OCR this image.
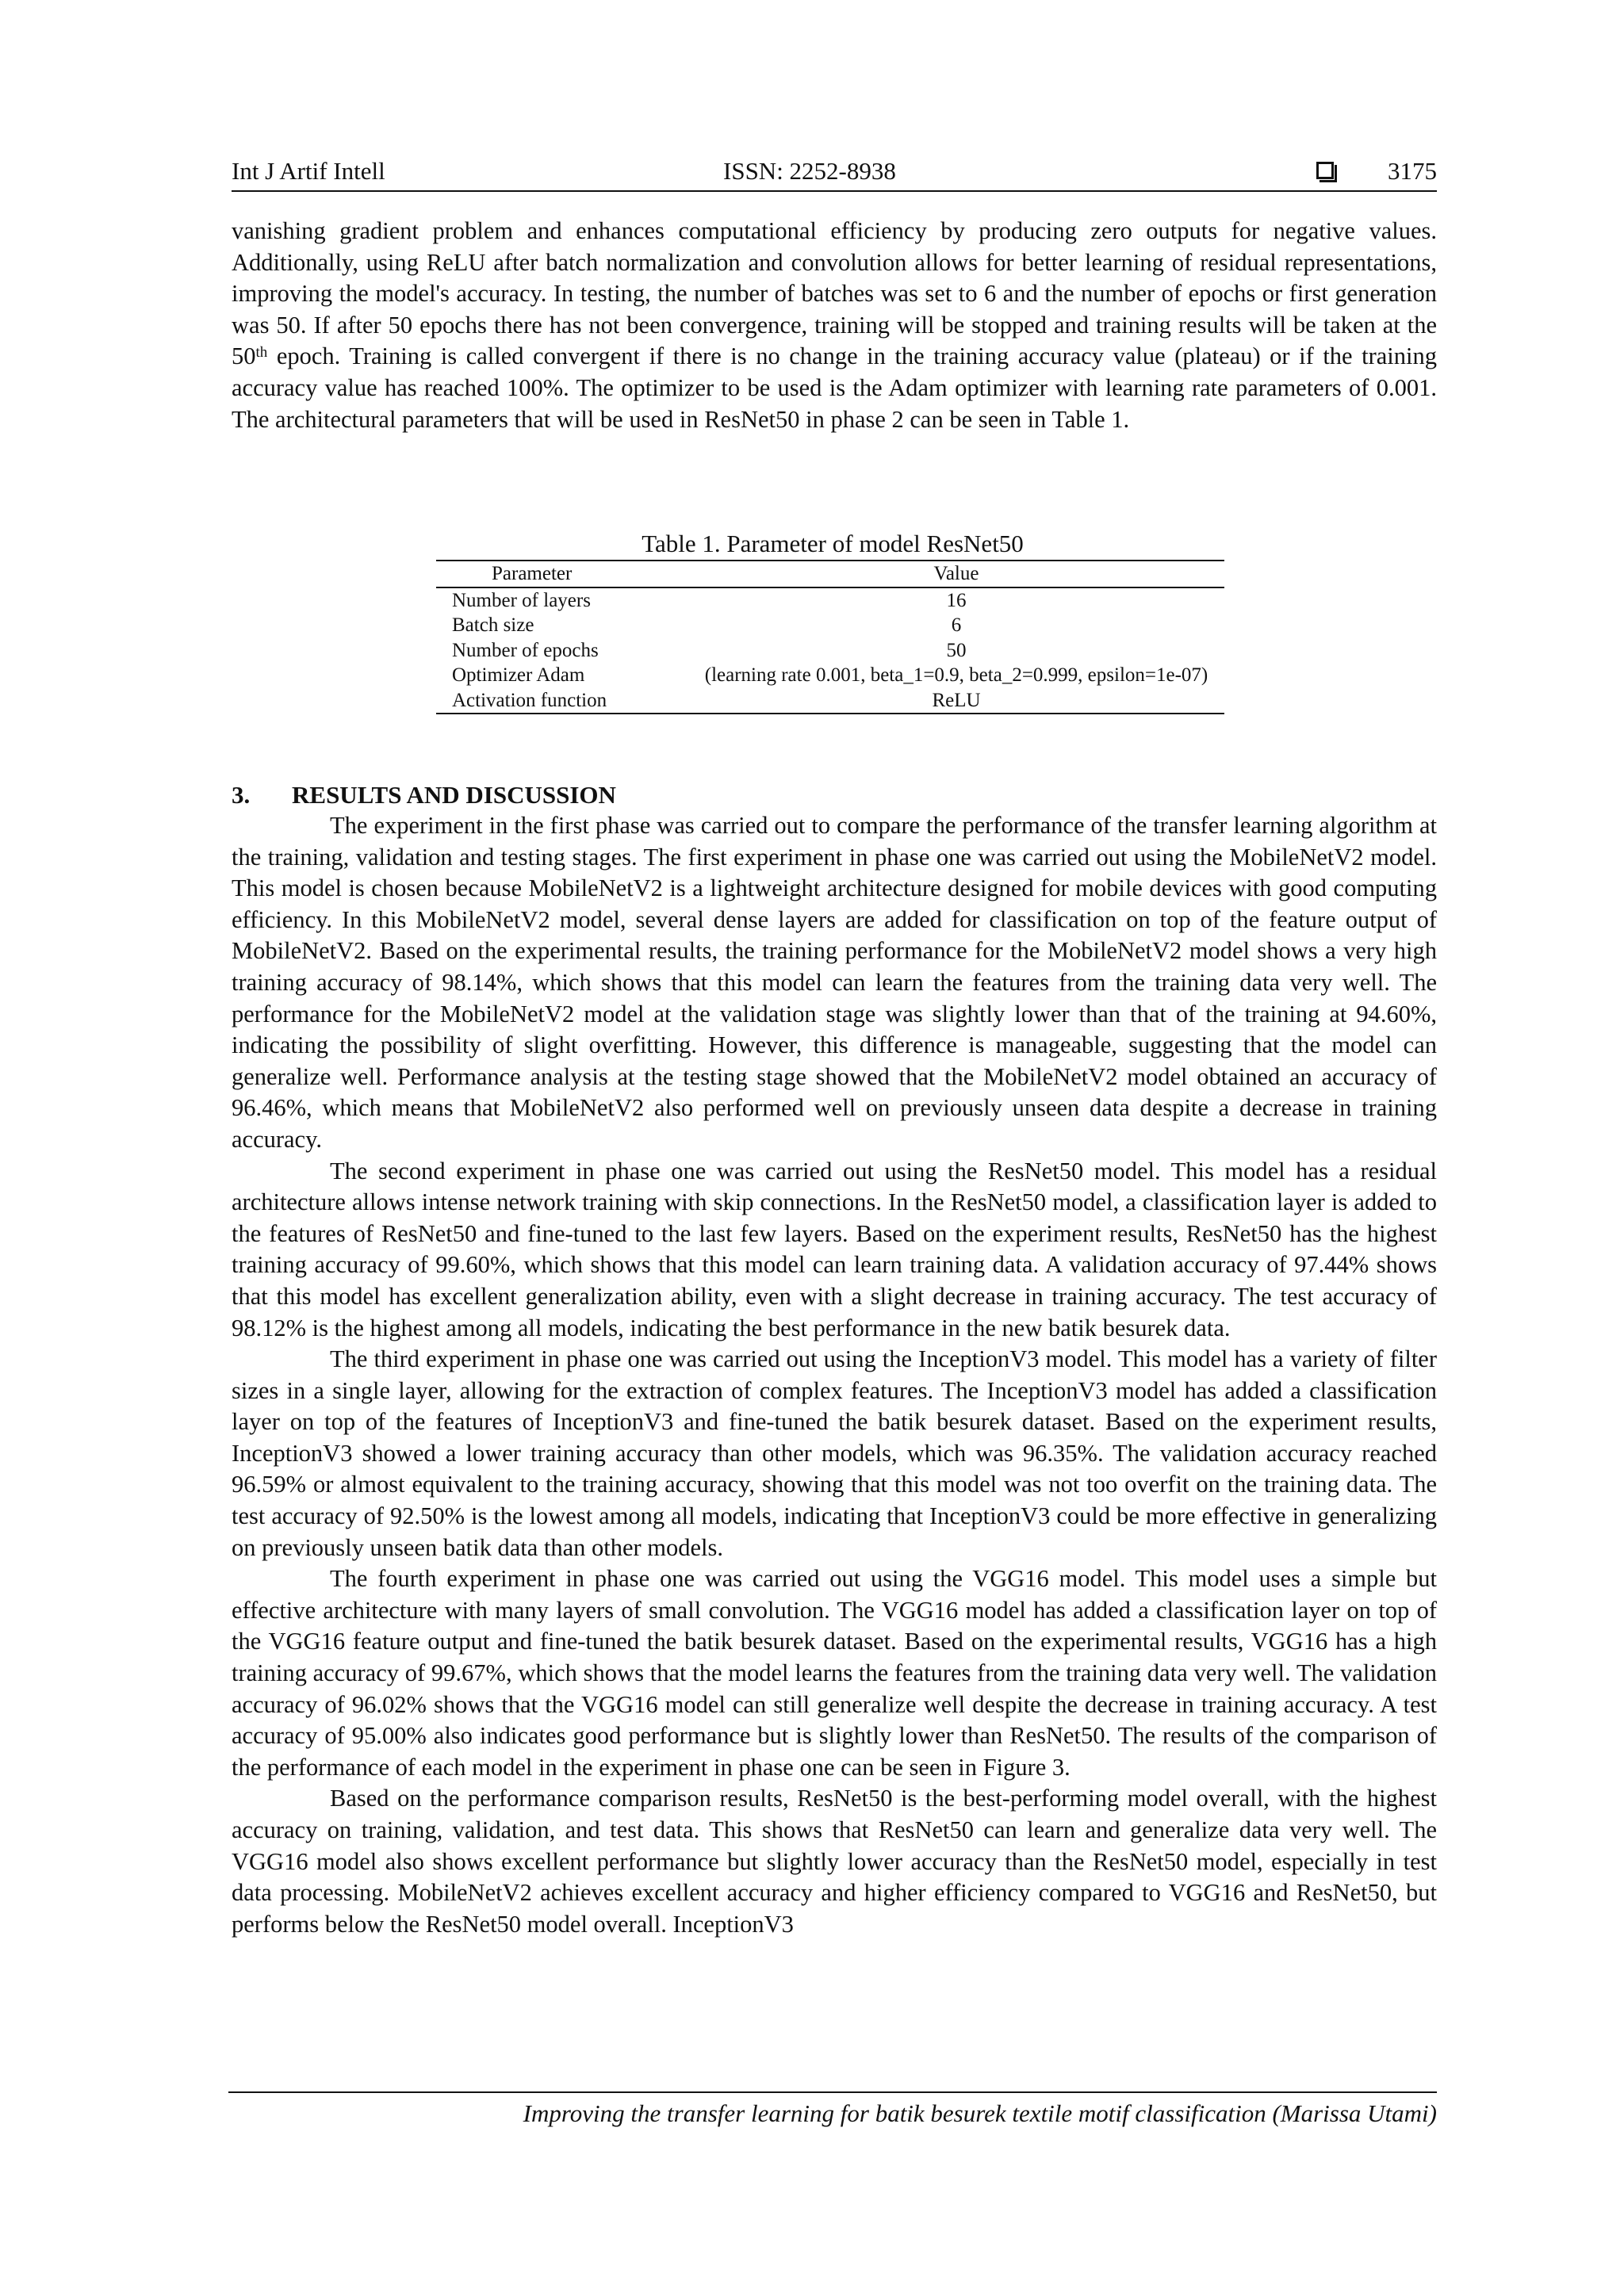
Int J Artif Intell	ISSN: 2252-8938	3175

vanishing gradient problem and enhances computational efficiency by producing zero outputs for negative values. Additionally, using ReLU after batch normalization and convolution allows for better learning of residual representations, improving the model's accuracy. In testing, the number of batches was set to 6 and the number of epochs or first generation was 50. If after 50 epochs there has not been convergence, training will be stopped and training results will be taken at the 50th epoch. Training is called convergent if there is no change in the training accuracy value (plateau) or if the training accuracy value has reached 100%. The optimizer to be used is the Adam optimizer with learning rate parameters of 0.001. The architectural parameters that will be used in ResNet50 in phase 2 can be seen in Table 1.

Table 1. Parameter of model ResNet50
Parameter	Value
Number of layers	16
Batch size	6
Number of epochs	50
Optimizer Adam	(learning rate 0.001, beta_1=0.9, beta_2=0.999, epsilon=1e-07)
Activation function	ReLU
3. RESULTS AND DISCUSSION

The experiment in the first phase was carried out to compare the performance of the transfer learning algorithm at the training, validation and testing stages. The first experiment in phase one was carried out using the MobileNetV2 model. This model is chosen because MobileNetV2 is a lightweight architecture designed for mobile devices with good computing efficiency. In this MobileNetV2 model, several dense layers are added for classification on top of the feature output of MobileNetV2. Based on the experimental results, the training performance for the MobileNetV2 model shows a very high training accuracy of 98.14%, which shows that this model can learn the features from the training data very well. The performance for the MobileNetV2 model at the validation stage was slightly lower than that of the training at 94.60%, indicating the possibility of slight overfitting. However, this difference is manageable, suggesting that the model can generalize well. Performance analysis at the testing stage showed that the MobileNetV2 model obtained an accuracy of 96.46%, which means that MobileNetV2 also performed well on previously unseen data despite a decrease in training accuracy.

The second experiment in phase one was carried out using the ResNet50 model. This model has a residual architecture allows intense network training with skip connections. In the ResNet50 model, a classification layer is added to the features of ResNet50 and fine-tuned to the last few layers. Based on the experiment results, ResNet50 has the highest training accuracy of 99.60%, which shows that this model can learn training data. A validation accuracy of 97.44% shows that this model has excellent generalization ability, even with a slight decrease in training accuracy. The test accuracy of 98.12% is the highest among all models, indicating the best performance in the new batik besurek data.

The third experiment in phase one was carried out using the InceptionV3 model. This model has a variety of filter sizes in a single layer, allowing for the extraction of complex features. The InceptionV3 model has added a classification layer on top of the features of InceptionV3 and fine-tuned the batik besurek dataset. Based on the experiment results, InceptionV3 showed a lower training accuracy than other models, which was 96.35%. The validation accuracy reached 96.59% or almost equivalent to the training accuracy, showing that this model was not too overfit on the training data. The test accuracy of 92.50% is the lowest among all models, indicating that InceptionV3 could be more effective in generalizing on previously unseen batik data than other models.

The fourth experiment in phase one was carried out using the VGG16 model. This model uses a simple but effective architecture with many layers of small convolution. The VGG16 model has added a classification layer on top of the VGG16 feature output and fine-tuned the batik besurek dataset. Based on the experimental results, VGG16 has a high training accuracy of 99.67%, which shows that the model learns the features from the training data very well. The validation accuracy of 96.02% shows that the VGG16 model can still generalize well despite the decrease in training accuracy. A test accuracy of 95.00% also indicates good performance but is slightly lower than ResNet50. The results of the comparison of the performance of each model in the experiment in phase one can be seen in Figure 3.

Based on the performance comparison results, ResNet50 is the best-performing model overall, with the highest accuracy on training, validation, and test data. This shows that ResNet50 can learn and generalize data very well. The VGG16 model also shows excellent performance but slightly lower accuracy than the ResNet50 model, especially in test data processing. MobileNetV2 achieves excellent accuracy and higher efficiency compared to VGG16 and ResNet50, but performs below the ResNet50 model overall. InceptionV3

Improving the transfer learning for batik besurek textile motif classification (Marissa Utami)
